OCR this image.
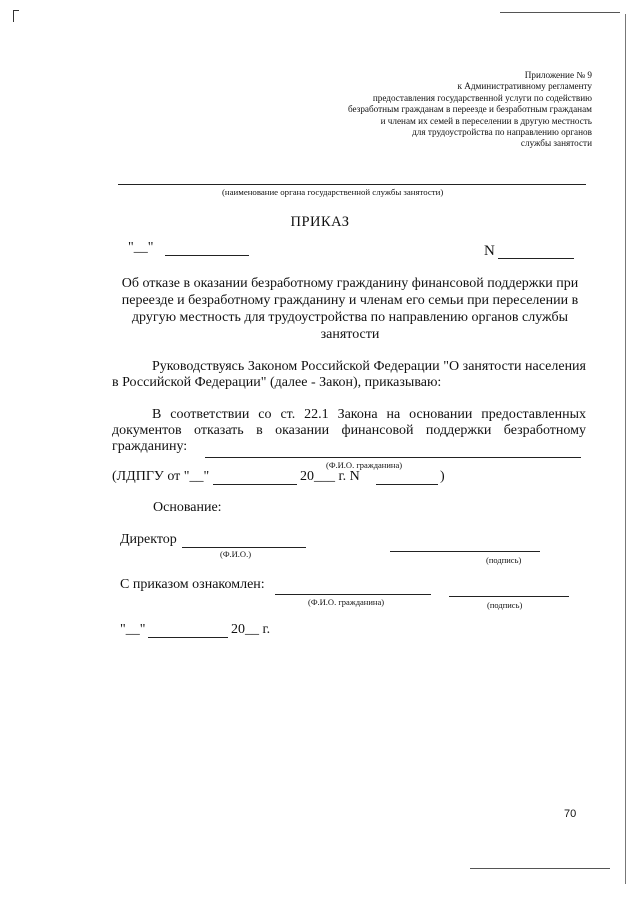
Приложение № 9
к Административному регламенту
предоставления государственной услуги по содействию
безработным гражданам в переезде и безработным гражданам
и членам их семей в переселении в другую местность
для трудоустройства по направлению органов
службы занятости
(наименование органа государственной службы занятости)
ПРИКАЗ
"__"	N
Об отказе в оказании безработному гражданину финансовой поддержки при переезде и безработному гражданину и членам его семьи при переселении в другую местность для трудоустройства по направлению органов службы занятости
Руководствуясь Законом Российской Федерации "О занятости населения в Российской Федерации" (далее - Закон), приказываю:
В соответствии со ст. 22.1 Закона на основании предоставленных документов отказать в оказании финансовой поддержки безработному гражданину:
(Ф.И.О. гражданина)
(ЛДПГУ от "__"	20___ г. N	)
Основание:
Директор
(Ф.И.О.)
(подпись)
С приказом ознакомлен:
(Ф.И.О. гражданина)	(подпись)
"__"	20__ г.
70
